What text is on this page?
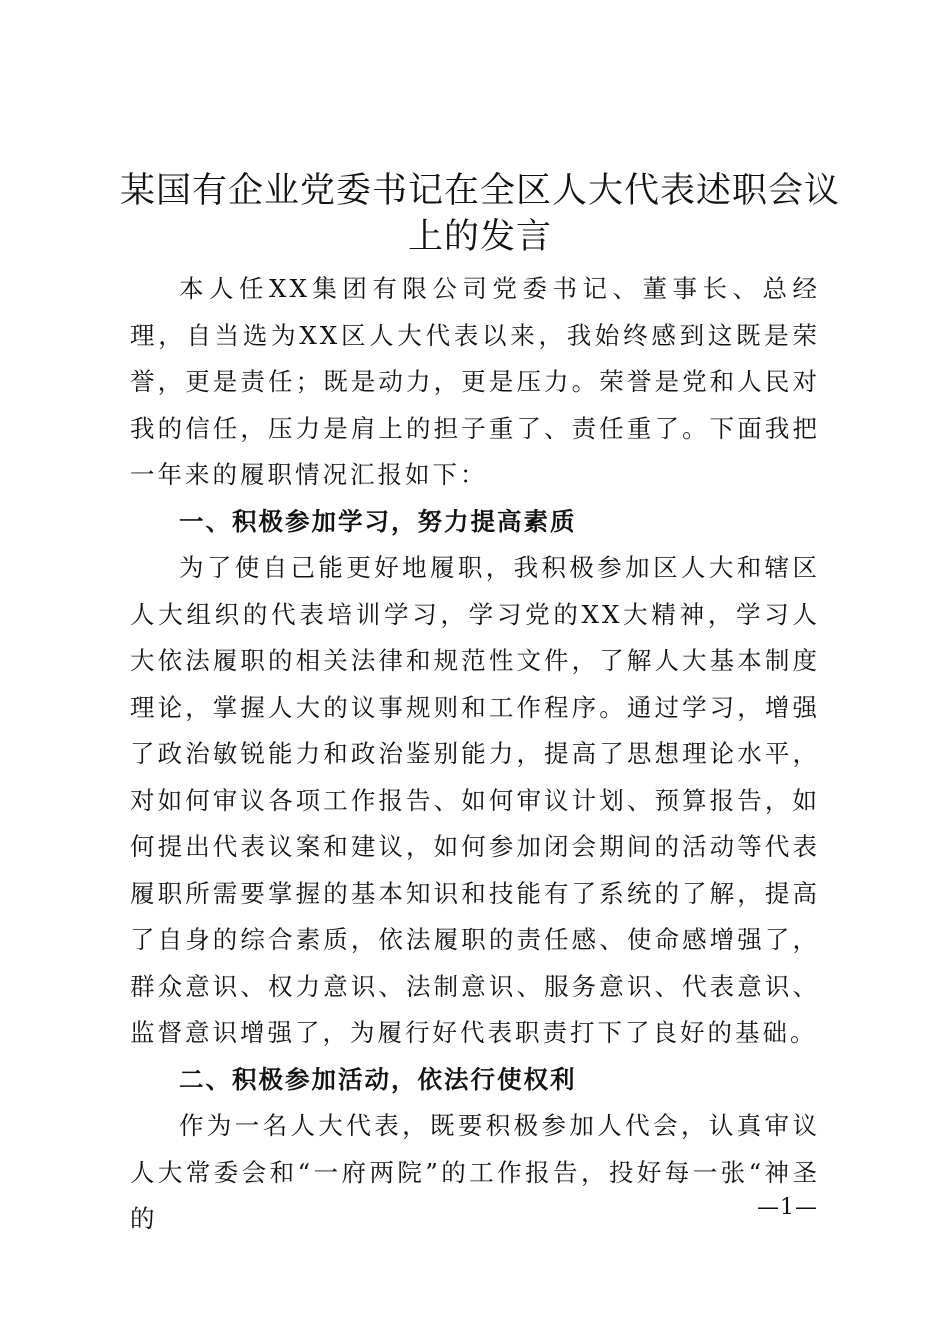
某国有企业党委书记在全区人大代表述职会议上的发言

本人任XX集团有限公司党委书记、董事长、总经理，自当选为XX区人大代表以来，我始终感到这既是荣誉，更是责任；既是动力，更是压力。荣誉是党和人民对我的信任，压力是肩上的担子重了、责任重了。下面我把一年来的履职情况汇报如下：

一、积极参加学习，努力提高素质

为了使自己能更好地履职，我积极参加区人大和辖区人大组织的代表培训学习，学习党的XX大精神，学习人大依法履职的相关法律和规范性文件，了解人大基本制度理论，掌握人大的议事规则和工作程序。通过学习，增强了政治敏锐能力和政治鉴别能力，提高了思想理论水平，对如何审议各项工作报告、如何审议计划、预算报告，如何提出代表议案和建议，如何参加闭会期间的活动等代表履职所需要掌握的基本知识和技能有了系统的了解，提高了自身的综合素质，依法履职的责任感、使命感增强了，群众意识、权力意识、法制意识、服务意识、代表意识、监督意识增强了，为履行好代表职责打下了良好的基础。

二、积极参加活动，依法行使权利

作为一名人大代表，既要积极参加人代会，认真审议人大常委会和“一府两院”的工作报告，投好每一张“神圣的	—1—
